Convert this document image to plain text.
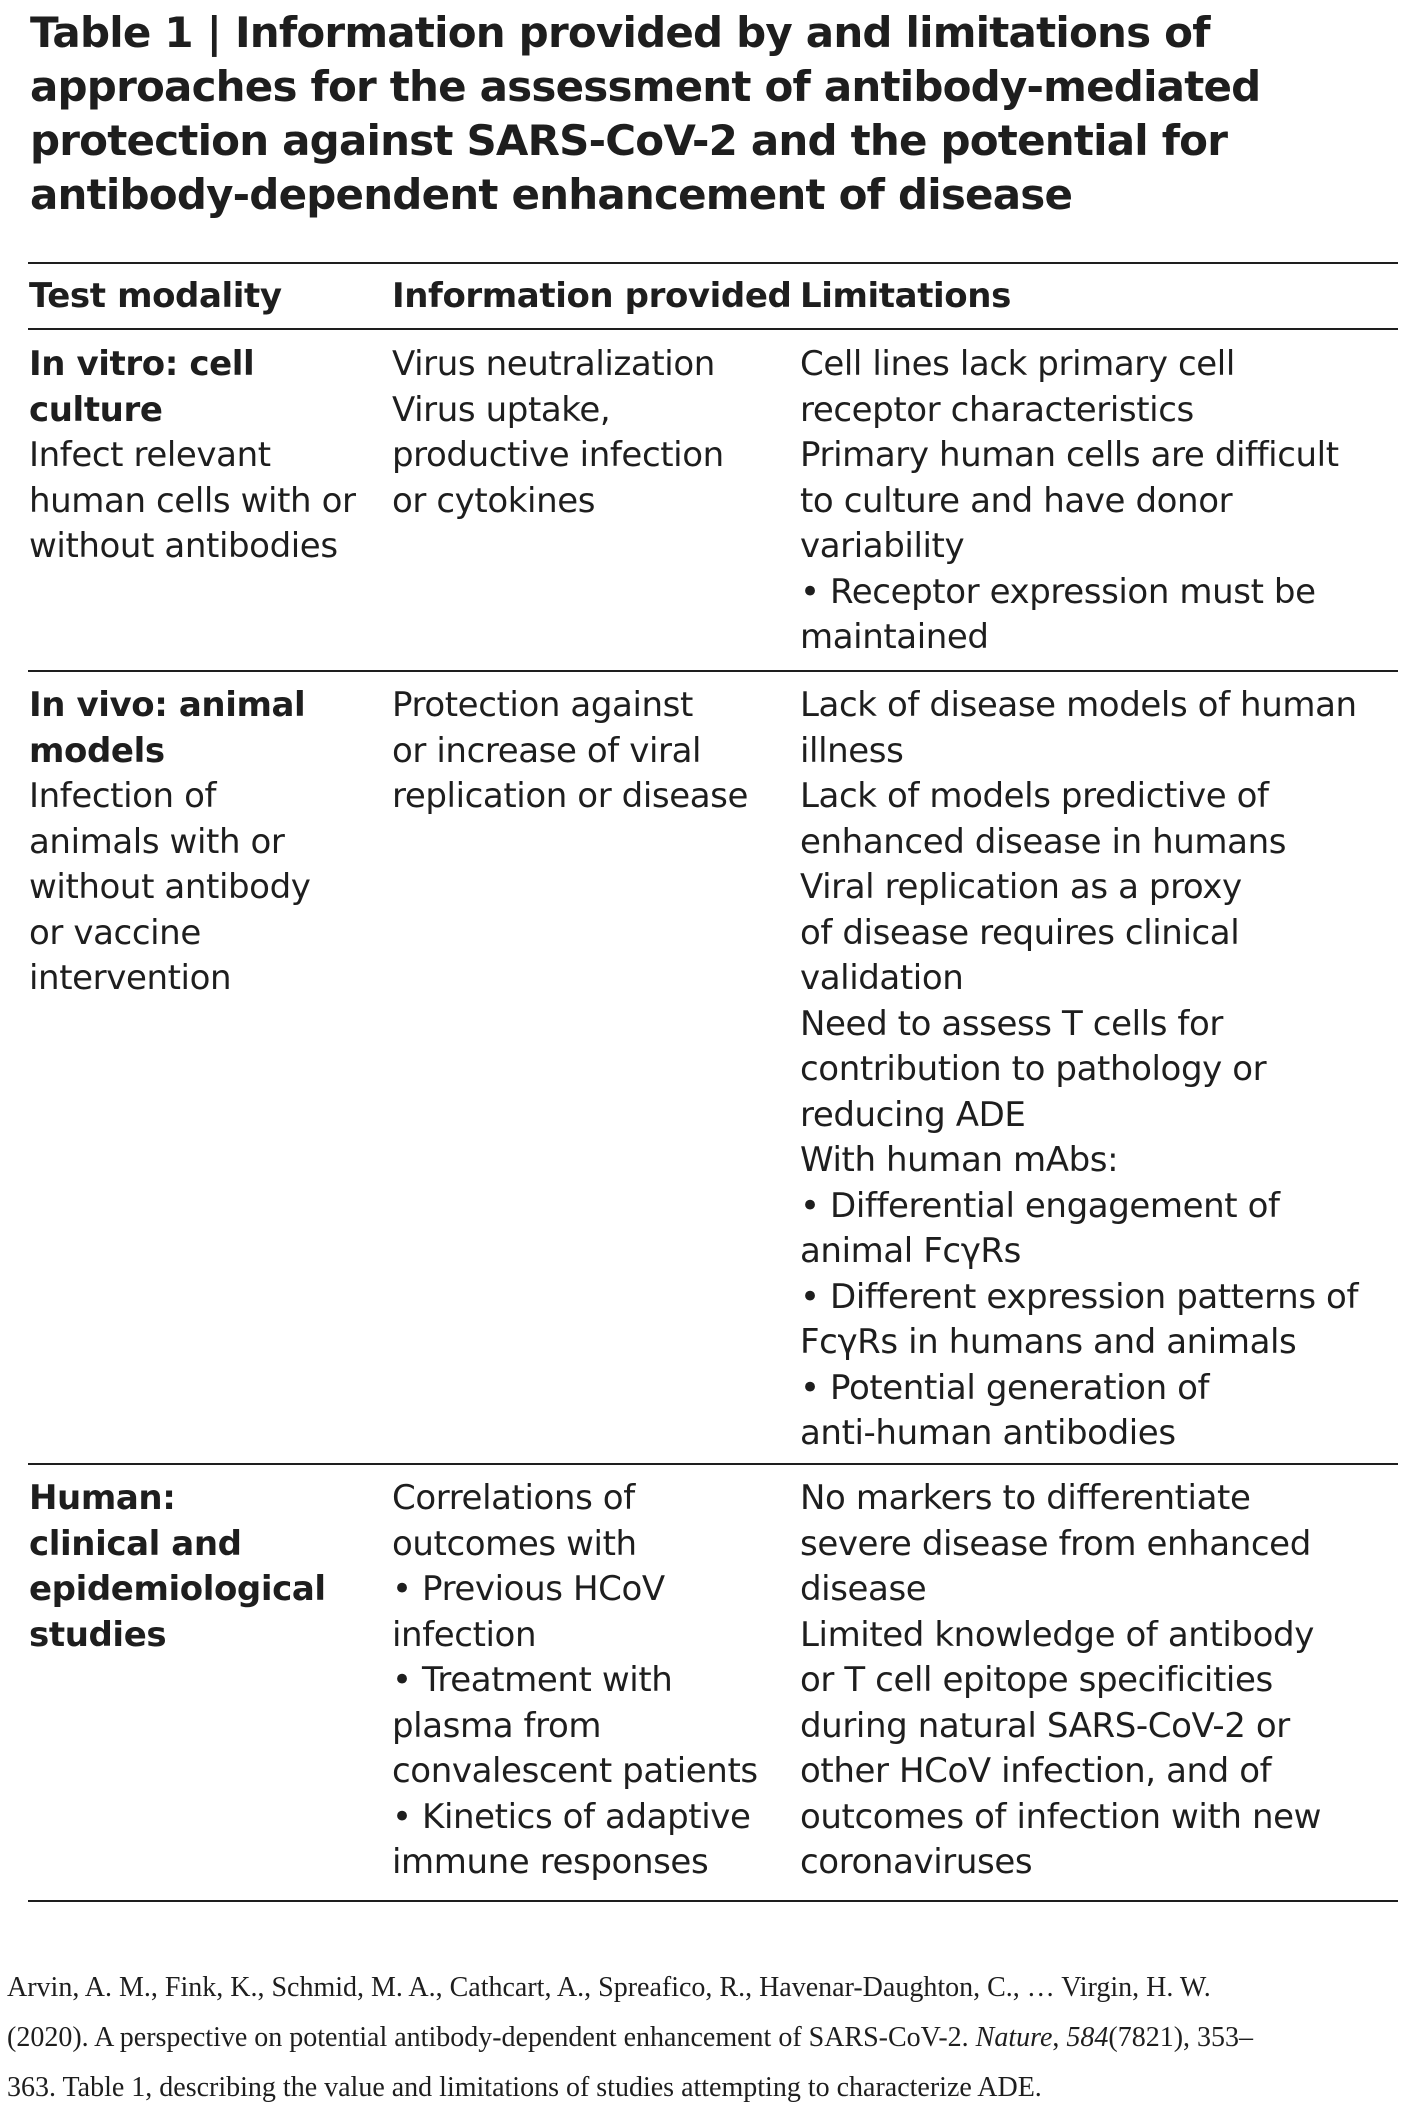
Table 1 | Information provided by and limitations of
approaches for the assessment of antibody-mediated
protection against SARS-CoV-2 and the potential for
antibody-dependent enhancement of disease
Test modality	Information provided Limitations
In vitro: cell
culture
Infect relevant
human cells with or
without antibodies
Virus neutralization
Virus uptake,
productive infection
or cytokines
Cell lines lack primary cell
receptor characteristics
Primary human cells are difficult
to culture and have donor
variability
• Receptor expression must be
maintained
In vivo: animal
models
Infection of
animals with or
without antibody
or vaccine
intervention
Protection against
or increase of viral
replication or disease
Lack of disease models of human
illness
Lack of models predictive of
enhanced disease in humans
Viral replication as a proxy
of disease requires clinical
validation
Need to assess T cells for
contribution to pathology or
reducing ADE
With human mAbs:
• Differential engagement of
animal FcγRs
• Different expression patterns of
FcγRs in humans and animals
• Potential generation of
anti-human antibodies
Human:
clinical and
epidemiological
studies
Correlations of
outcomes with
• Previous HCoV
infection
• Treatment with
plasma from
convalescent patients
• Kinetics of adaptive
immune responses
No markers to differentiate
severe disease from enhanced
disease
Limited knowledge of antibody
or T cell epitope specificities
during natural SARS-CoV-2 or
other HCoV infection, and of
outcomes of infection with new
coronaviruses
Arvin, A. M., Fink, K., Schmid, M. A., Cathcart, A., Spreafico, R., Havenar-Daughton, C., … Virgin, H. W.
(2020). A perspective on potential antibody-dependent enhancement of SARS-CoV-2. Nature, 584(7821), 353–
363. Table 1, describing the value and limitations of studies attempting to characterize ADE.
